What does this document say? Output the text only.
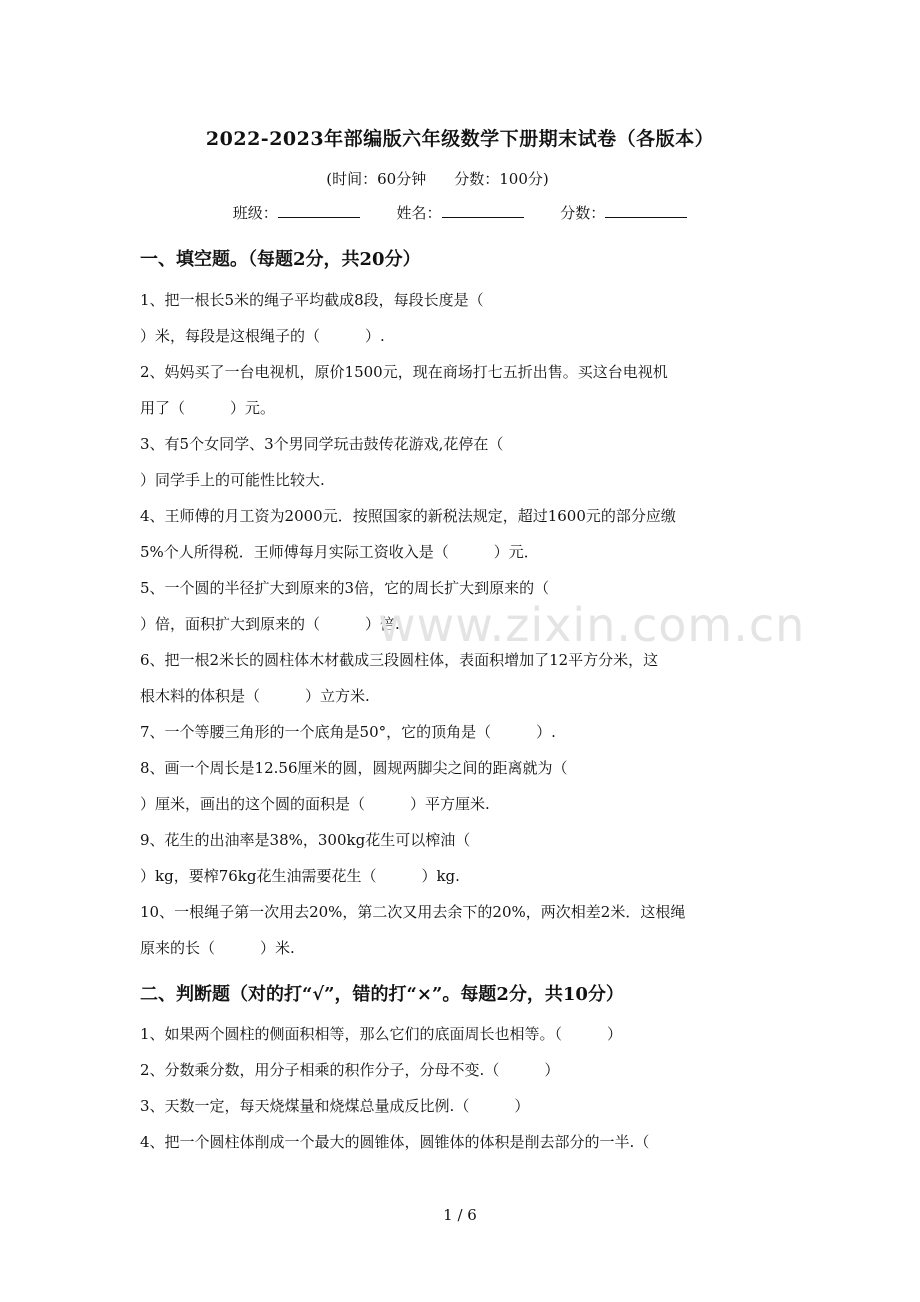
2022-2023年部编版六年级数学下册期末试卷（各版本）
(时间：60分钟 分数：100分)
班级：	姓名：	分数：
一、填空题。（每题2分，共20分）
1、把一根长5米的绳子平均截成8段，每段长度是（
）米，每段是这根绳子的（　　　）.
2、妈妈买了一台电视机，原价1500元，现在商场打七五折出售。买这台电视机
用了（　　　）元。
3、有5个女同学、3个男同学玩击鼓传花游戏,花停在（
）同学手上的可能性比较大.
4、王师傅的月工资为2000元．按照国家的新税法规定，超过1600元的部分应缴
5%个人所得税．王师傅每月实际工资收入是（　　　）元．
5、一个圆的半径扩大到原来的3倍，它的周长扩大到原来的（
）倍，面积扩大到原来的（　　　）倍.
6、把一根2米长的圆柱体木材截成三段圆柱体，表面积增加了12平方分米，这
根木料的体积是（　　　）立方米.
7、一个等腰三角形的一个底角是50°，它的顶角是（　　　）.
8、画一个周长是12.56厘米的圆，圆规两脚尖之间的距离就为（
）厘米，画出的这个圆的面积是（　　　）平方厘米.
9、花生的出油率是38%，300kg花生可以榨油（
）kg，要榨76kg花生油需要花生（　　　）kg.
10、一根绳子第一次用去20%，第二次又用去余下的20%，两次相差2米．这根绳
原来的长（　　　）米.
二、判断题（对的打“√”，错的打“×”。每题2分，共10分）
1、如果两个圆柱的侧面积相等，那么它们的底面周长也相等。（　　　）
2、分数乘分数，用分子相乘的积作分子，分母不变.（　　　）
3、天数一定，每天烧煤量和烧煤总量成反比例.（　　　）
4、把一个圆柱体削成一个最大的圆锥体，圆锥体的体积是削去部分的一半.（
www.zixin.com.cn
1 / 6
